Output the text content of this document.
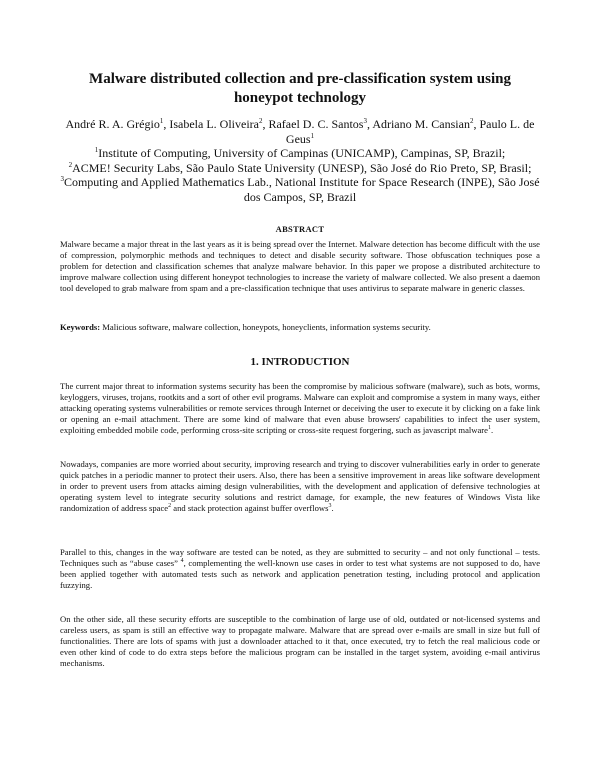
Malware distributed collection and pre-classification system using
honeypot technology
André R. A. Grégio$^1$, Isabela L. Oliveira$^2$, Rafael D. C. Santos$^3$, Adriano M. Cansian$^2$, Paulo L. de Geus$^1$
$^1$Institute of Computing, University of Campinas (UNICAMP), Campinas, SP, Brazil;
$^2$ACME! Security Labs, São Paulo State University (UNESP), São José do Rio Preto, SP, Brasil;
$^3$Computing and Applied Mathematics Lab., National Institute for Space Research (INPE), São José dos Campos, SP, Brazil
ABSTRACT

Malware became a major threat in the last years as it is being spread over the Internet. Malware detection has become difficult with the use of compression, polymorphic methods and techniques to detect and disable security software. Those obfuscation techniques pose a problem for detection and classification schemes that analyze malware behavior. In this paper we propose a distributed architecture to improve malware collection using different honeypot technologies to increase the variety of malware collected. We also present a daemon tool developed to grab malware from spam and a pre-classification technique that uses antivirus to separate malware in generic classes.

Keywords: Malicious software, malware collection, honeypots, honeyclients, information systems security.

1. INTRODUCTION

The current major threat to information systems security has been the compromise by malicious software (malware), such as bots, worms, keyloggers, viruses, trojans, rootkits and a sort of other evil programs. Malware can exploit and compromise a system in many ways, either attacking operating systems vulnerabilities or remote services through Internet or deceiving the user to execute it by clicking on a fake link or opening an e-mail attachment. There are some kind of malware that even abuse browsers' capabilities to infect the user system, exploiting embedded mobile code, performing cross-site scripting or cross-site request forgering, such as javascript malware$^1$.

Nowadays, companies are more worried about security, improving research and trying to discover vulnerabilities early in order to generate quick patches in a periodic manner to protect their users. Also, there has been a sensitive improvement in areas like software development in order to prevent users from attacks aiming design vulnerabilities, with the development and application of defensive technologies at operating system level to integrate security solutions and restrict damage, for example, the new features of Windows Vista like randomization of address space$^2$ and stack protection against buffer overflows$^3$.

Parallel to this, changes in the way software are tested can be noted, as they are submitted to security – and not only functional – tests. Techniques such as “abuse cases” $^4$, complementing the well-known use cases in order to test what systems are not supposed to do, have been applied together with automated tests such as network and application penetration testing, including protocol and application fuzzying.

On the other side, all these security efforts are susceptible to the combination of large use of old, outdated or not-licensed systems and careless users, as spam is still an effective way to propagate malware. Malware that are spread over e-mails are small in size but full of functionalities. There are lots of spams with just a downloader attached to it that, once executed, try to fetch the real malicious code or even other kind of code to do extra steps before the malicious program can be installed in the target system, avoiding e-mail antivirus mechanisms.
